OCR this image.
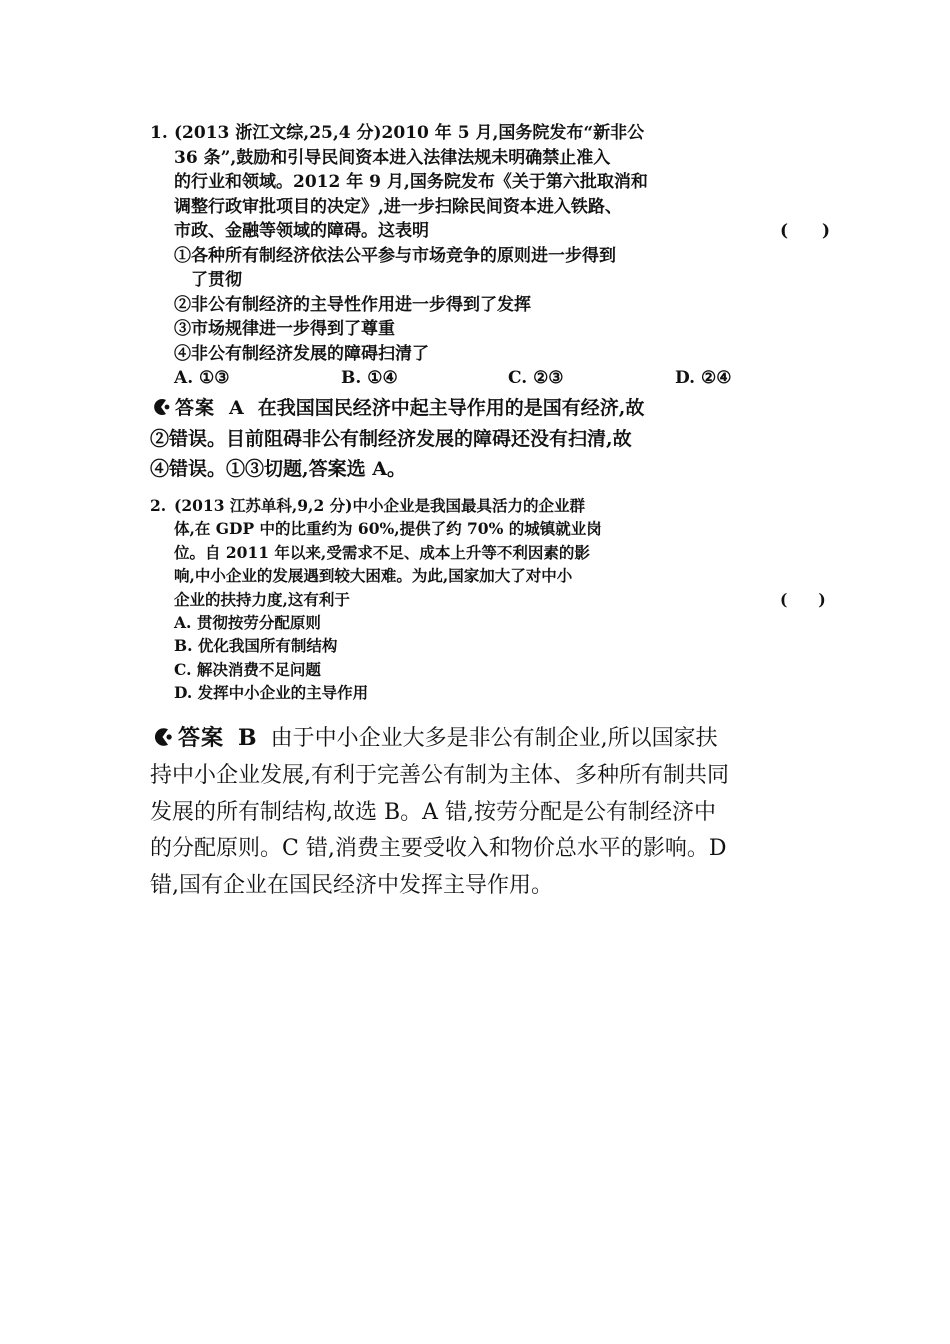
1. (2013 浙江文综,25,4 分)2010 年 5 月,国务院发布“新非公
36 条”,鼓励和引导民间资本进入法律法规未明确禁止准入
的行业和领域。2012 年 9 月,国务院发布《关于第六批取消和
调整行政审批项目的决定》,进一步扫除民间资本进入铁路、
市政、金融等领域的障碍。这表明	(　　)
①各种所有制经济依法公平参与市场竞争的原则进一步得到
　了贯彻
②非公有制经济的主导性作用进一步得到了发挥
③市场规律进一步得到了尊重
④非公有制经济发展的障碍扫清了
A. ①③	B. ①④	C. ②③	D. ②④
答案 A 在我国国民经济中起主导作用的是国有经济,故
②错误。目前阻碍非公有制经济发展的障碍还没有扫清,故
④错误。①③切题,答案选 A。
2. (2013 江苏单科,9,2 分)中小企业是我国最具活力的企业群
体,在 GDP 中的比重约为 60%,提供了约 70% 的城镇就业岗
位。自 2011 年以来,受需求不足、成本上升等不利因素的影
响,中小企业的发展遇到较大困难。为此,国家加大了对中小
企业的扶持力度,这有利于	(　　)
A. 贯彻按劳分配原则
B. 优化我国所有制结构
C. 解决消费不足问题
D. 发挥中小企业的主导作用
答案 B 由于中小企业大多是非公有制企业,所以国家扶
持中小企业发展,有利于完善公有制为主体、多种所有制共同
发展的所有制结构,故选 B。A 错,按劳分配是公有制经济中
的分配原则。C 错,消费主要受收入和物价总水平的影响。D
错,国有企业在国民经济中发挥主导作用。
